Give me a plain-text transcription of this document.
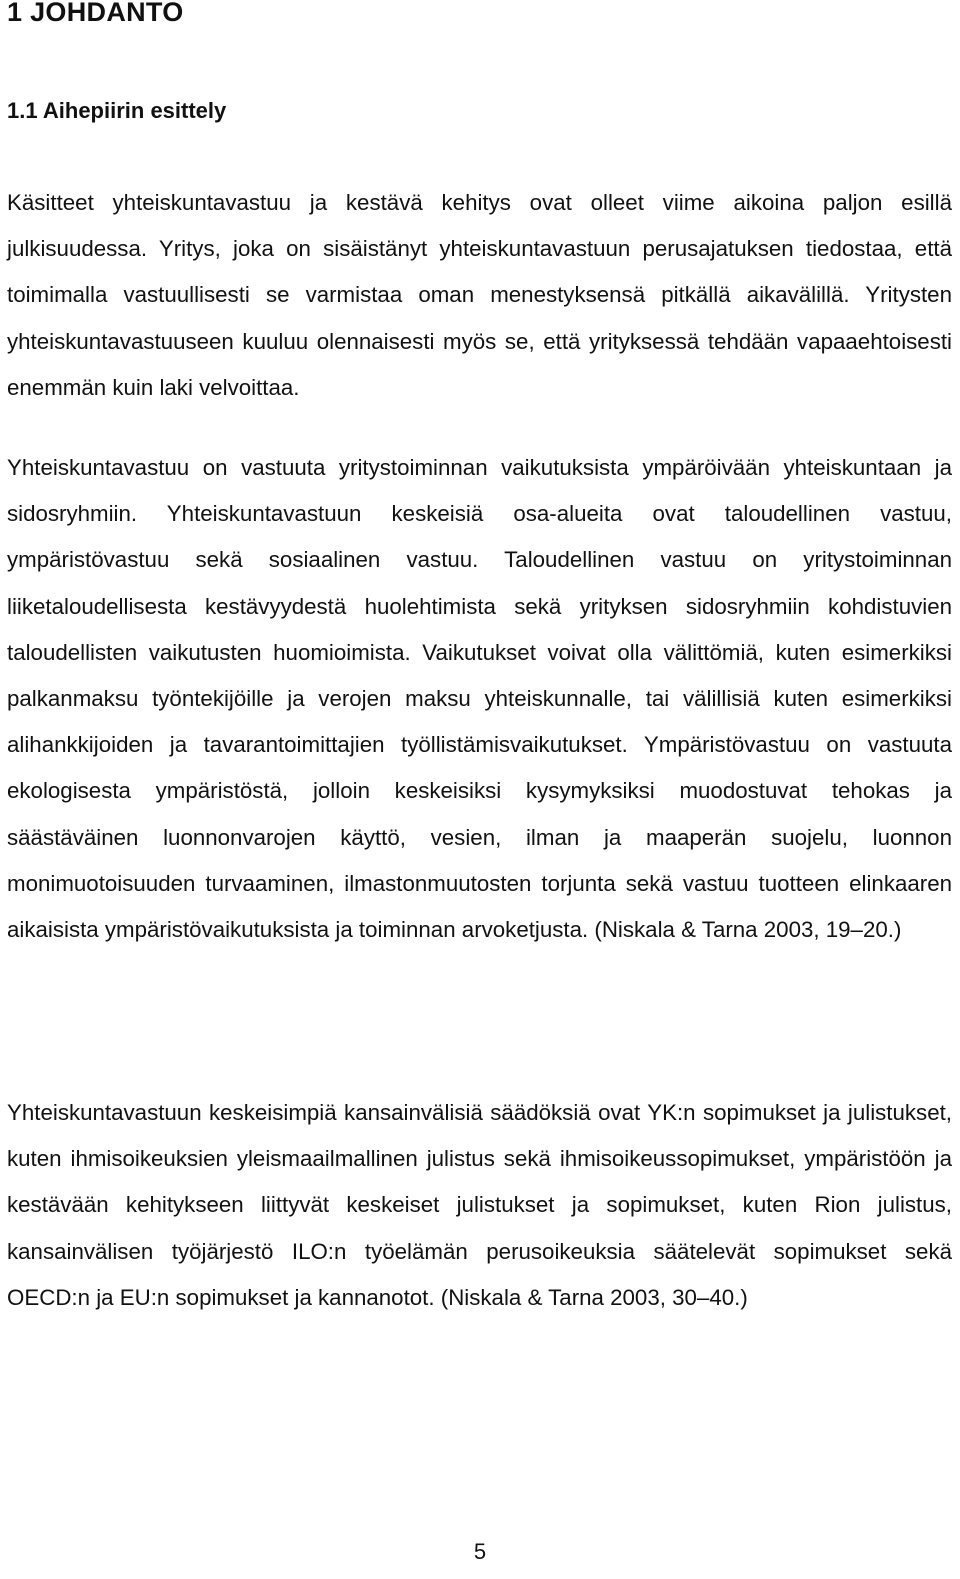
1 JOHDANTO
1.1 Aihepiirin esittely

Käsitteet yhteiskuntavastuu ja kestävä kehitys ovat olleet viime aikoina paljon esillä julkisuudessa. Yritys, joka on sisäistänyt yhteiskuntavastuun perusajatuksen tiedostaa, että toimimalla vastuullisesti se varmistaa oman menestyksensä pitkällä aikavälillä. Yritysten yhteiskuntavastuuseen kuuluu olennaisesti myös se, että yrityksessä tehdään vapaaehtoisesti enemmän kuin laki velvoittaa.

Yhteiskuntavastuu on vastuuta yritystoiminnan vaikutuksista ympäröivään yhteiskuntaan ja sidosryhmiin. Yhteiskuntavastuun keskeisiä osa-alueita ovat taloudellinen vastuu, ympäristövastuu sekä sosiaalinen vastuu. Taloudellinen vastuu on yritystoiminnan liiketaloudellisesta kestävyydestä huolehtimista sekä yrityksen sidosryhmiin kohdistuvien taloudellisten vaikutusten huomioimista. Vaikutukset voivat olla välittömiä, kuten esimerkiksi palkanmaksu työntekijöille ja verojen maksu yhteiskunnalle, tai välillisiä kuten esimerkiksi alihankkijoiden ja tavarantoimittajien työllistämisvaikutukset. Ympäristövastuu on vastuuta ekologisesta ympäristöstä, jolloin keskeisiksi kysymyksiksi muodostuvat tehokas ja säästäväinen luonnonvarojen käyttö, vesien, ilman ja maaperän suojelu, luonnon monimuotoisuuden turvaaminen, ilmastonmuutosten torjunta sekä vastuu tuotteen elinkaaren aikaisista ympäristövaikutuksista ja toiminnan arvoketjusta. (Niskala & Tarna 2003, 19–20.)

Yhteiskuntavastuun keskeisimpiä kansainvälisiä säädöksiä ovat YK:n sopimukset ja julistukset, kuten ihmisoikeuksien yleismaailmallinen julistus sekä ihmisoikeussopimukset, ympäristöön ja kestävään kehitykseen liittyvät keskeiset julistukset ja sopimukset, kuten Rion julistus, kansainvälisen työjärjestö ILO:n työelämän perusoikeuksia säätelevät sopimukset sekä OECD:n ja EU:n sopimukset ja kannanotot. (Niskala & Tarna 2003, 30–40.)

5
